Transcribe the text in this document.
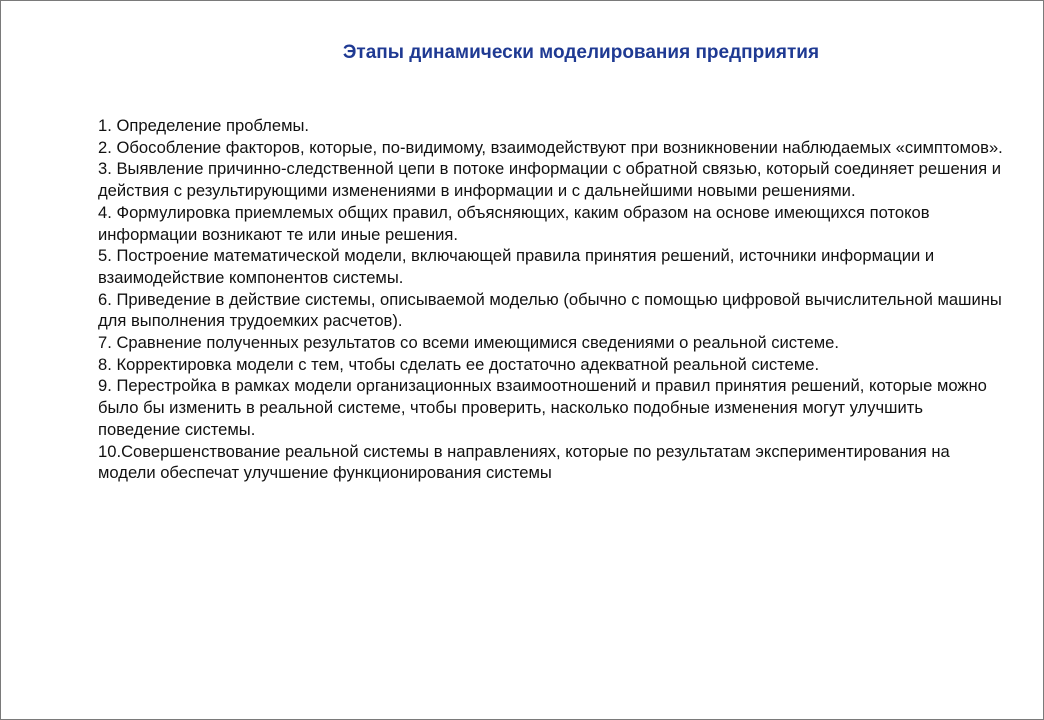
Этапы динамически моделирования предприятия
1. Определение проблемы.
2. Обособление факторов, которые, по-видимому, взаимодействуют при возникновении наблюдаемых «симптомов».
3. Выявление причинно-следственной цепи в потоке информации с обратной связью, который соединяет решения и действия с результирующими изменениями в информации и с дальнейшими новыми решениями.
4. Формулировка приемлемых общих правил, объясняющих, каким образом на основе имеющихся потоков информации возникают те или иные решения.
5. Построение математической модели, включающей правила принятия решений, источники информации и взаимодействие компонентов системы.
6. Приведение в действие системы, описываемой моделью (обычно с помощью цифровой вычислительной машины для выполнения трудоемких расчетов).
7. Сравнение полученных результатов со всеми имеющимися сведениями о реальной системе.
8. Корректировка модели с тем, чтобы сделать ее достаточно адекватной реальной системе.
9. Перестройка в рамках модели организационных взаимоотношений и правил принятия решений, которые можно было бы изменить в реальной системе, чтобы проверить, насколько подобные изменения могут улучшить поведение системы.
10.Совершенствование реальной системы в направлениях, которые по результатам экспериментирования на модели обеспечат улучшение функционирования системы
